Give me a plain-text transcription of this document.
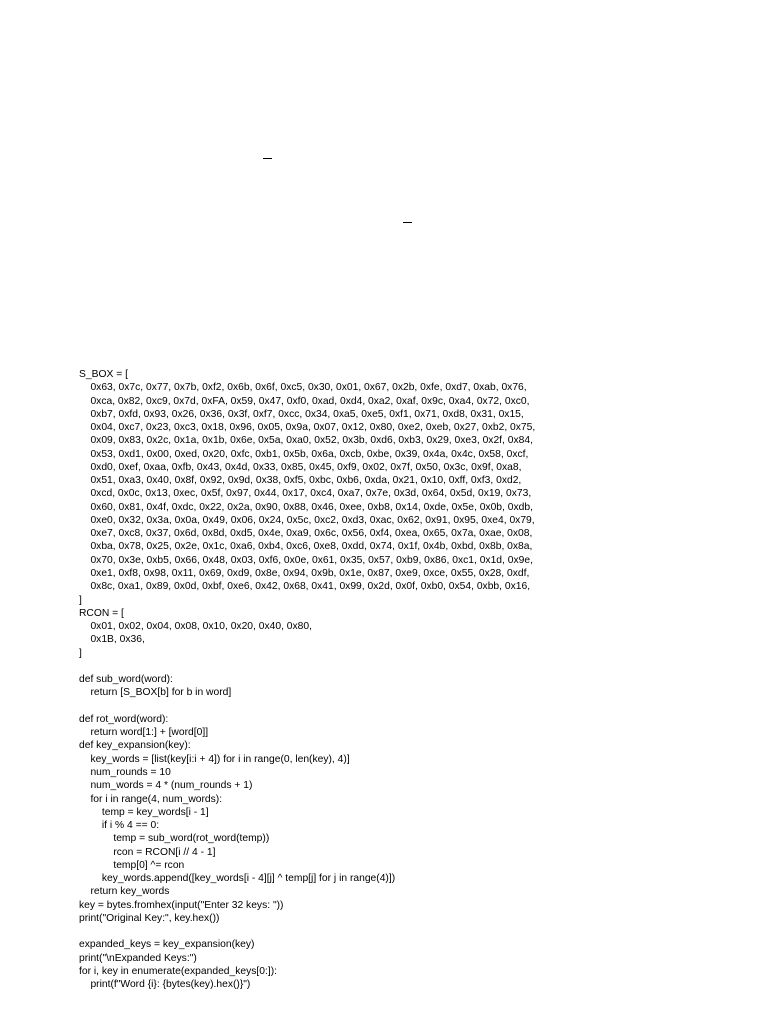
S_BOX = [
0x63, 0x7c, 0x77, 0x7b, 0xf2, 0x6b, 0x6f, 0xc5, 0x30, 0x01, 0x67, 0x2b, 0xfe, 0xd7, 0xab, 0x76,
0xca, 0x82, 0xc9, 0x7d, 0xFA, 0x59, 0x47, 0xf0, 0xad, 0xd4, 0xa2, 0xaf, 0x9c, 0xa4, 0x72, 0xc0,
0xb7, 0xfd, 0x93, 0x26, 0x36, 0x3f, 0xf7, 0xcc, 0x34, 0xa5, 0xe5, 0xf1, 0x71, 0xd8, 0x31, 0x15,
0x04, 0xc7, 0x23, 0xc3, 0x18, 0x96, 0x05, 0x9a, 0x07, 0x12, 0x80, 0xe2, 0xeb, 0x27, 0xb2, 0x75,
0x09, 0x83, 0x2c, 0x1a, 0x1b, 0x6e, 0x5a, 0xa0, 0x52, 0x3b, 0xd6, 0xb3, 0x29, 0xe3, 0x2f, 0x84,
0x53, 0xd1, 0x00, 0xed, 0x20, 0xfc, 0xb1, 0x5b, 0x6a, 0xcb, 0xbe, 0x39, 0x4a, 0x4c, 0x58, 0xcf,
0xd0, 0xef, 0xaa, 0xfb, 0x43, 0x4d, 0x33, 0x85, 0x45, 0xf9, 0x02, 0x7f, 0x50, 0x3c, 0x9f, 0xa8,
0x51, 0xa3, 0x40, 0x8f, 0x92, 0x9d, 0x38, 0xf5, 0xbc, 0xb6, 0xda, 0x21, 0x10, 0xff, 0xf3, 0xd2,
0xcd, 0x0c, 0x13, 0xec, 0x5f, 0x97, 0x44, 0x17, 0xc4, 0xa7, 0x7e, 0x3d, 0x64, 0x5d, 0x19, 0x73,
0x60, 0x81, 0x4f, 0xdc, 0x22, 0x2a, 0x90, 0x88, 0x46, 0xee, 0xb8, 0x14, 0xde, 0x5e, 0x0b, 0xdb,
0xe0, 0x32, 0x3a, 0x0a, 0x49, 0x06, 0x24, 0x5c, 0xc2, 0xd3, 0xac, 0x62, 0x91, 0x95, 0xe4, 0x79,
0xe7, 0xc8, 0x37, 0x6d, 0x8d, 0xd5, 0x4e, 0xa9, 0x6c, 0x56, 0xf4, 0xea, 0x65, 0x7a, 0xae, 0x08,
0xba, 0x78, 0x25, 0x2e, 0x1c, 0xa6, 0xb4, 0xc6, 0xe8, 0xdd, 0x74, 0x1f, 0x4b, 0xbd, 0x8b, 0x8a,
0x70, 0x3e, 0xb5, 0x66, 0x48, 0x03, 0xf6, 0x0e, 0x61, 0x35, 0x57, 0xb9, 0x86, 0xc1, 0x1d, 0x9e,
0xe1, 0xf8, 0x98, 0x11, 0x69, 0xd9, 0x8e, 0x94, 0x9b, 0x1e, 0x87, 0xe9, 0xce, 0x55, 0x28, 0xdf,
0x8c, 0xa1, 0x89, 0x0d, 0xbf, 0xe6, 0x42, 0x68, 0x41, 0x99, 0x2d, 0x0f, 0xb0, 0x54, 0xbb, 0x16,
]
RCON = [
0x01, 0x02, 0x04, 0x08, 0x10, 0x20, 0x40, 0x80,
0x1B, 0x36,
]
def sub_word(word):
return [S_BOX[b] for b in word]
def rot_word(word):
return word[1:] + [word[0]]
def key_expansion(key):
key_words = [list(key[i:i + 4]) for i in range(0, len(key), 4)]
num_rounds = 10
num_words = 4 * (num_rounds + 1)
for i in range(4, num_words):
temp = key_words[i - 1]
if i % 4 == 0:
temp = sub_word(rot_word(temp))
rcon = RCON[i // 4 - 1]
temp[0] ^= rcon
key_words.append([key_words[i - 4][j] ^ temp[j] for j in range(4)])
return key_words
key = bytes.fromhex(input("Enter 32 keys: "))
print("Original Key:", key.hex())
expanded_keys = key_expansion(key)
print("\nExpanded Keys:")
for i, key in enumerate(expanded_keys[0:]):
print(f"Word {i}: {bytes(key).hex()}")
